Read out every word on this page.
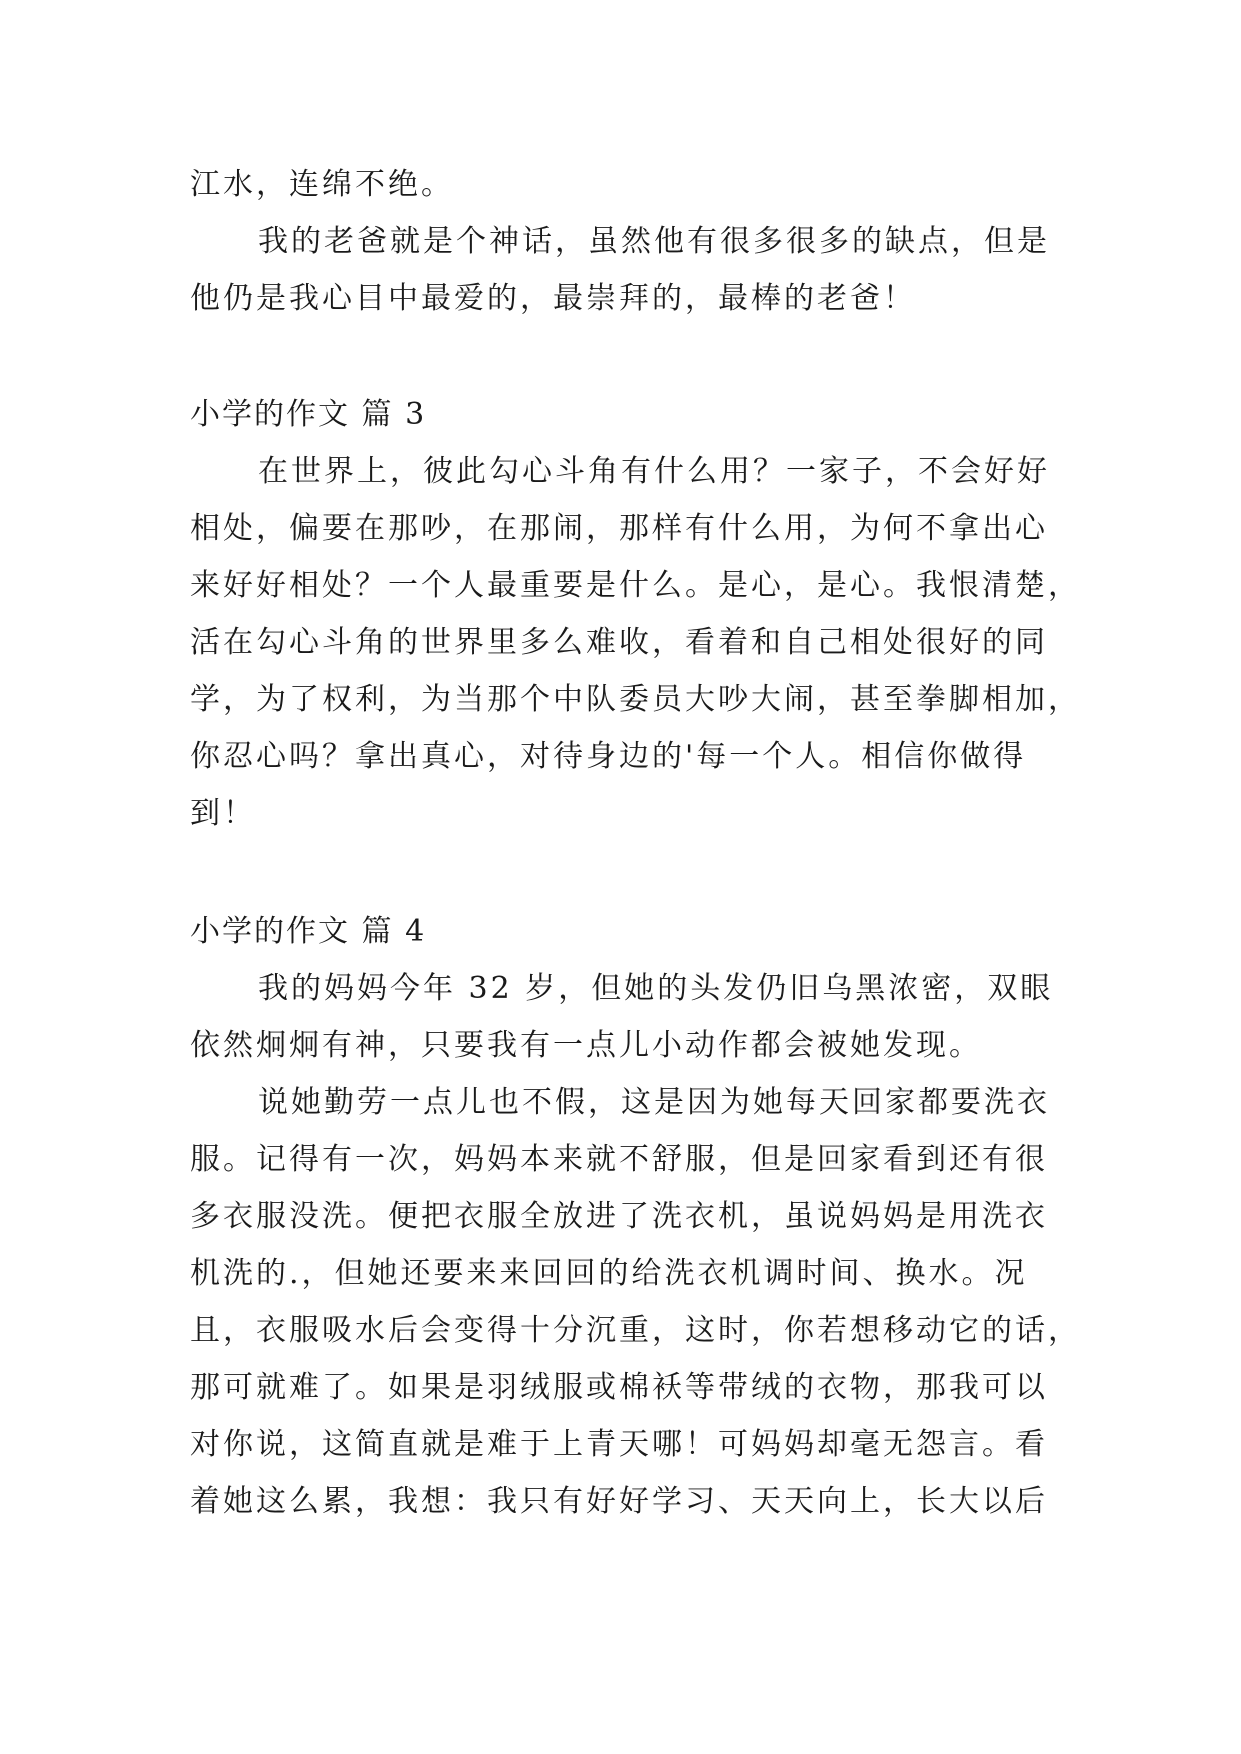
江水，连绵不绝。
我的老爸就是个神话，虽然他有很多很多的缺点，但是
他仍是我心目中最爱的，最崇拜的，最棒的老爸！
小学的作文 篇 3
在世界上，彼此勾心斗角有什么用？一家子，不会好好
相处，偏要在那吵，在那闹，那样有什么用，为何不拿出心
来好好相处？一个人最重要是什么。是心，是心。我恨清楚，
活在勾心斗角的世界里多么难收，看着和自己相处很好的同
学，为了权利，为当那个中队委员大吵大闹，甚至拳脚相加，
你忍心吗？拿出真心，对待身边的'每一个人。相信你做得
到！
小学的作文 篇 4
我的妈妈今年 32 岁，但她的头发仍旧乌黑浓密，双眼
依然炯炯有神，只要我有一点儿小动作都会被她发现。
说她勤劳一点儿也不假，这是因为她每天回家都要洗衣
服。记得有一次，妈妈本来就不舒服，但是回家看到还有很
多衣服没洗。便把衣服全放进了洗衣机，虽说妈妈是用洗衣
机洗的.，但她还要来来回回的给洗衣机调时间、换水。况
且，衣服吸水后会变得十分沉重，这时，你若想移动它的话，
那可就难了。如果是羽绒服或棉袄等带绒的衣物，那我可以
对你说，这简直就是难于上青天哪！可妈妈却毫无怨言。看
着她这么累，我想：我只有好好学习、天天向上，长大以后
